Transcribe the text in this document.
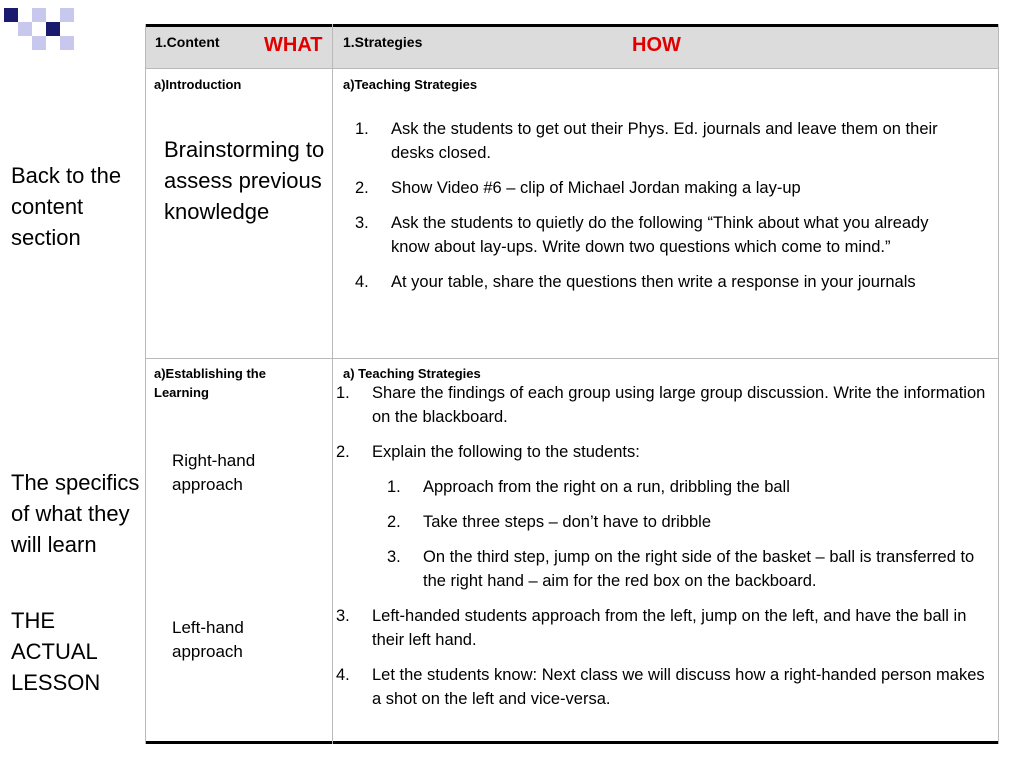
Back to the content section
The specifics of what they will learn
THE ACTUAL LESSON
1.Content WHAT 1.Strategies	HOW
a)Introduction
Brainstorming to assess previous knowledge
a)Teaching Strategies
1. Ask the students to get out their Phys. Ed. journals and leave them on their desks closed.
2. Show Video #6 – clip of Michael Jordan making a lay-up
3. Ask the students to quietly do the following “Think about what you already know about lay-ups. Write down two questions which come to mind.”
4. At your table, share the questions then write a response in your journals
a)Establishing the Learning
Right-hand approach
Left-hand approach
a) Teaching Strategies
1. Share the findings of each group using large group discussion. Write the information on the blackboard.
2. Explain the following to the students:
1. Approach from the right on a run, dribbling the ball
2. Take three steps – don’t have to dribble
3. On the third step, jump on the right side of the basket – ball is transferred to the right hand – aim for the red box on the backboard.
3. Left-handed students approach from the left, jump on the left, and have the ball in their left hand.
4. Let the students know: Next class we will discuss how a right-handed person makes a shot on the left and vice-versa.
